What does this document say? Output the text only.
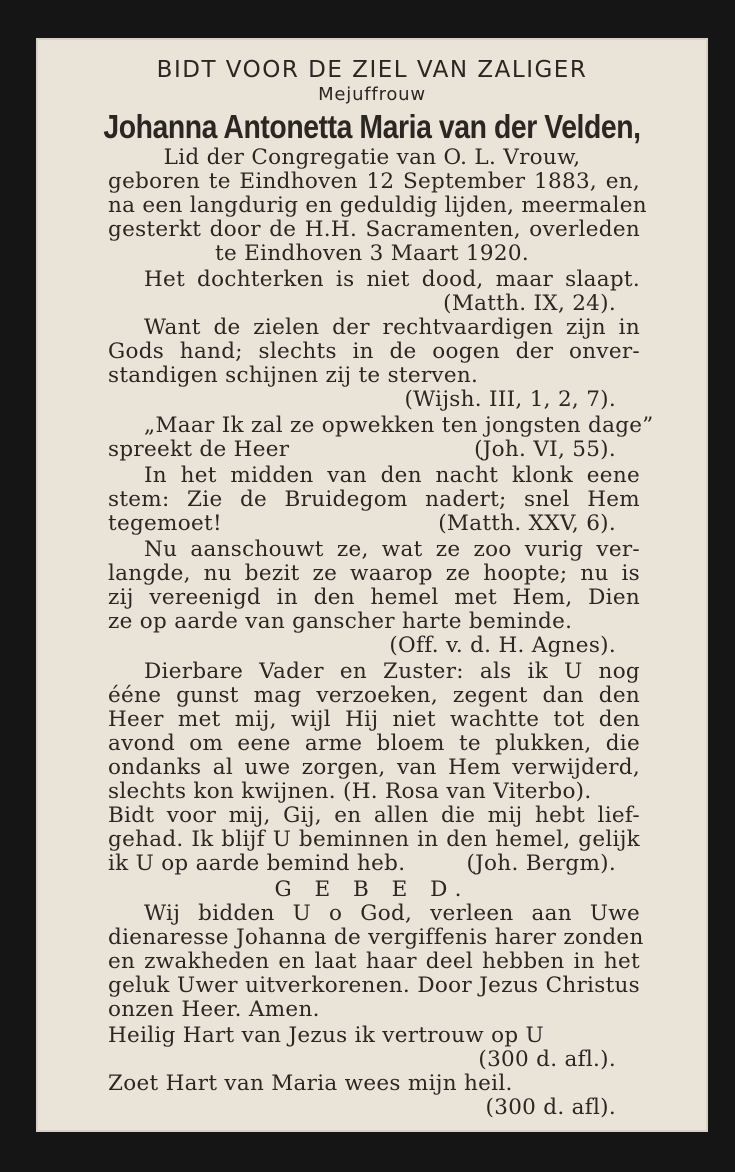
BIDT VOOR DE ZIEL VAN ZALIGER
Mejuffrouw
Johanna Antonetta Maria van der Velden,
Lid der Congregatie van O. L. Vrouw,
geboren te Eindhoven 12 September 1883, en,
na een langdurig en geduldig lijden, meermalen
gesterkt door de H.H. Sacramenten, overleden
te Eindhoven 3 Maart 1920.
Het dochterken is niet dood, maar slaapt.
(Matth. IX, 24).
Want de zielen der rechtvaardigen zijn in
Gods hand; slechts in de oogen der onver-
standigen schijnen zij te sterven.
(Wijsh. III, 1, 2, 7).
„Maar Ik zal ze opwekken ten jongsten dage”
spreekt de Heer	(Joh. VI, 55).
In het midden van den nacht klonk eene
stem: Zie de Bruidegom nadert; snel Hem
tegemoet!	(Matth. XXV, 6).
Nu aanschouwt ze, wat ze zoo vurig ver-
langde, nu bezit ze waarop ze hoopte; nu is
zij vereenigd in den hemel met Hem, Dien
ze op aarde van ganscher harte beminde.
(Off. v. d. H. Agnes).
Dierbare Vader en Zuster: als ik U nog
éénе gunst mag verzoeken, zegent dan den
Heer met mij, wijl Hij niet wachtte tot den
avond om eene arme bloem te plukken, die
ondanks al uwe zorgen, van Hem verwijderd,
slechts kon kwijnen. (H. Rosa van Viterbo).
Bidt voor mij, Gij, en allen die mij hebt lief-
gehad. Ik blijf U beminnen in den hemel, gelijk
ik U op aarde bemind heb.	(Joh. Bergm).
G E B E D.
Wij bidden U o God, verleen aan Uwe
dienaresse Johanna de vergiffenis harer zonden
en zwakheden en laat haar deel hebben in het
geluk Uwer uitverkorenen. Door Jezus Christus
onzen Heer. Amen.
Heilig Hart van Jezus ik vertrouw op U
(300 d. afl.).
Zoet Hart van Maria wees mijn heil.
(300 d. afl).
